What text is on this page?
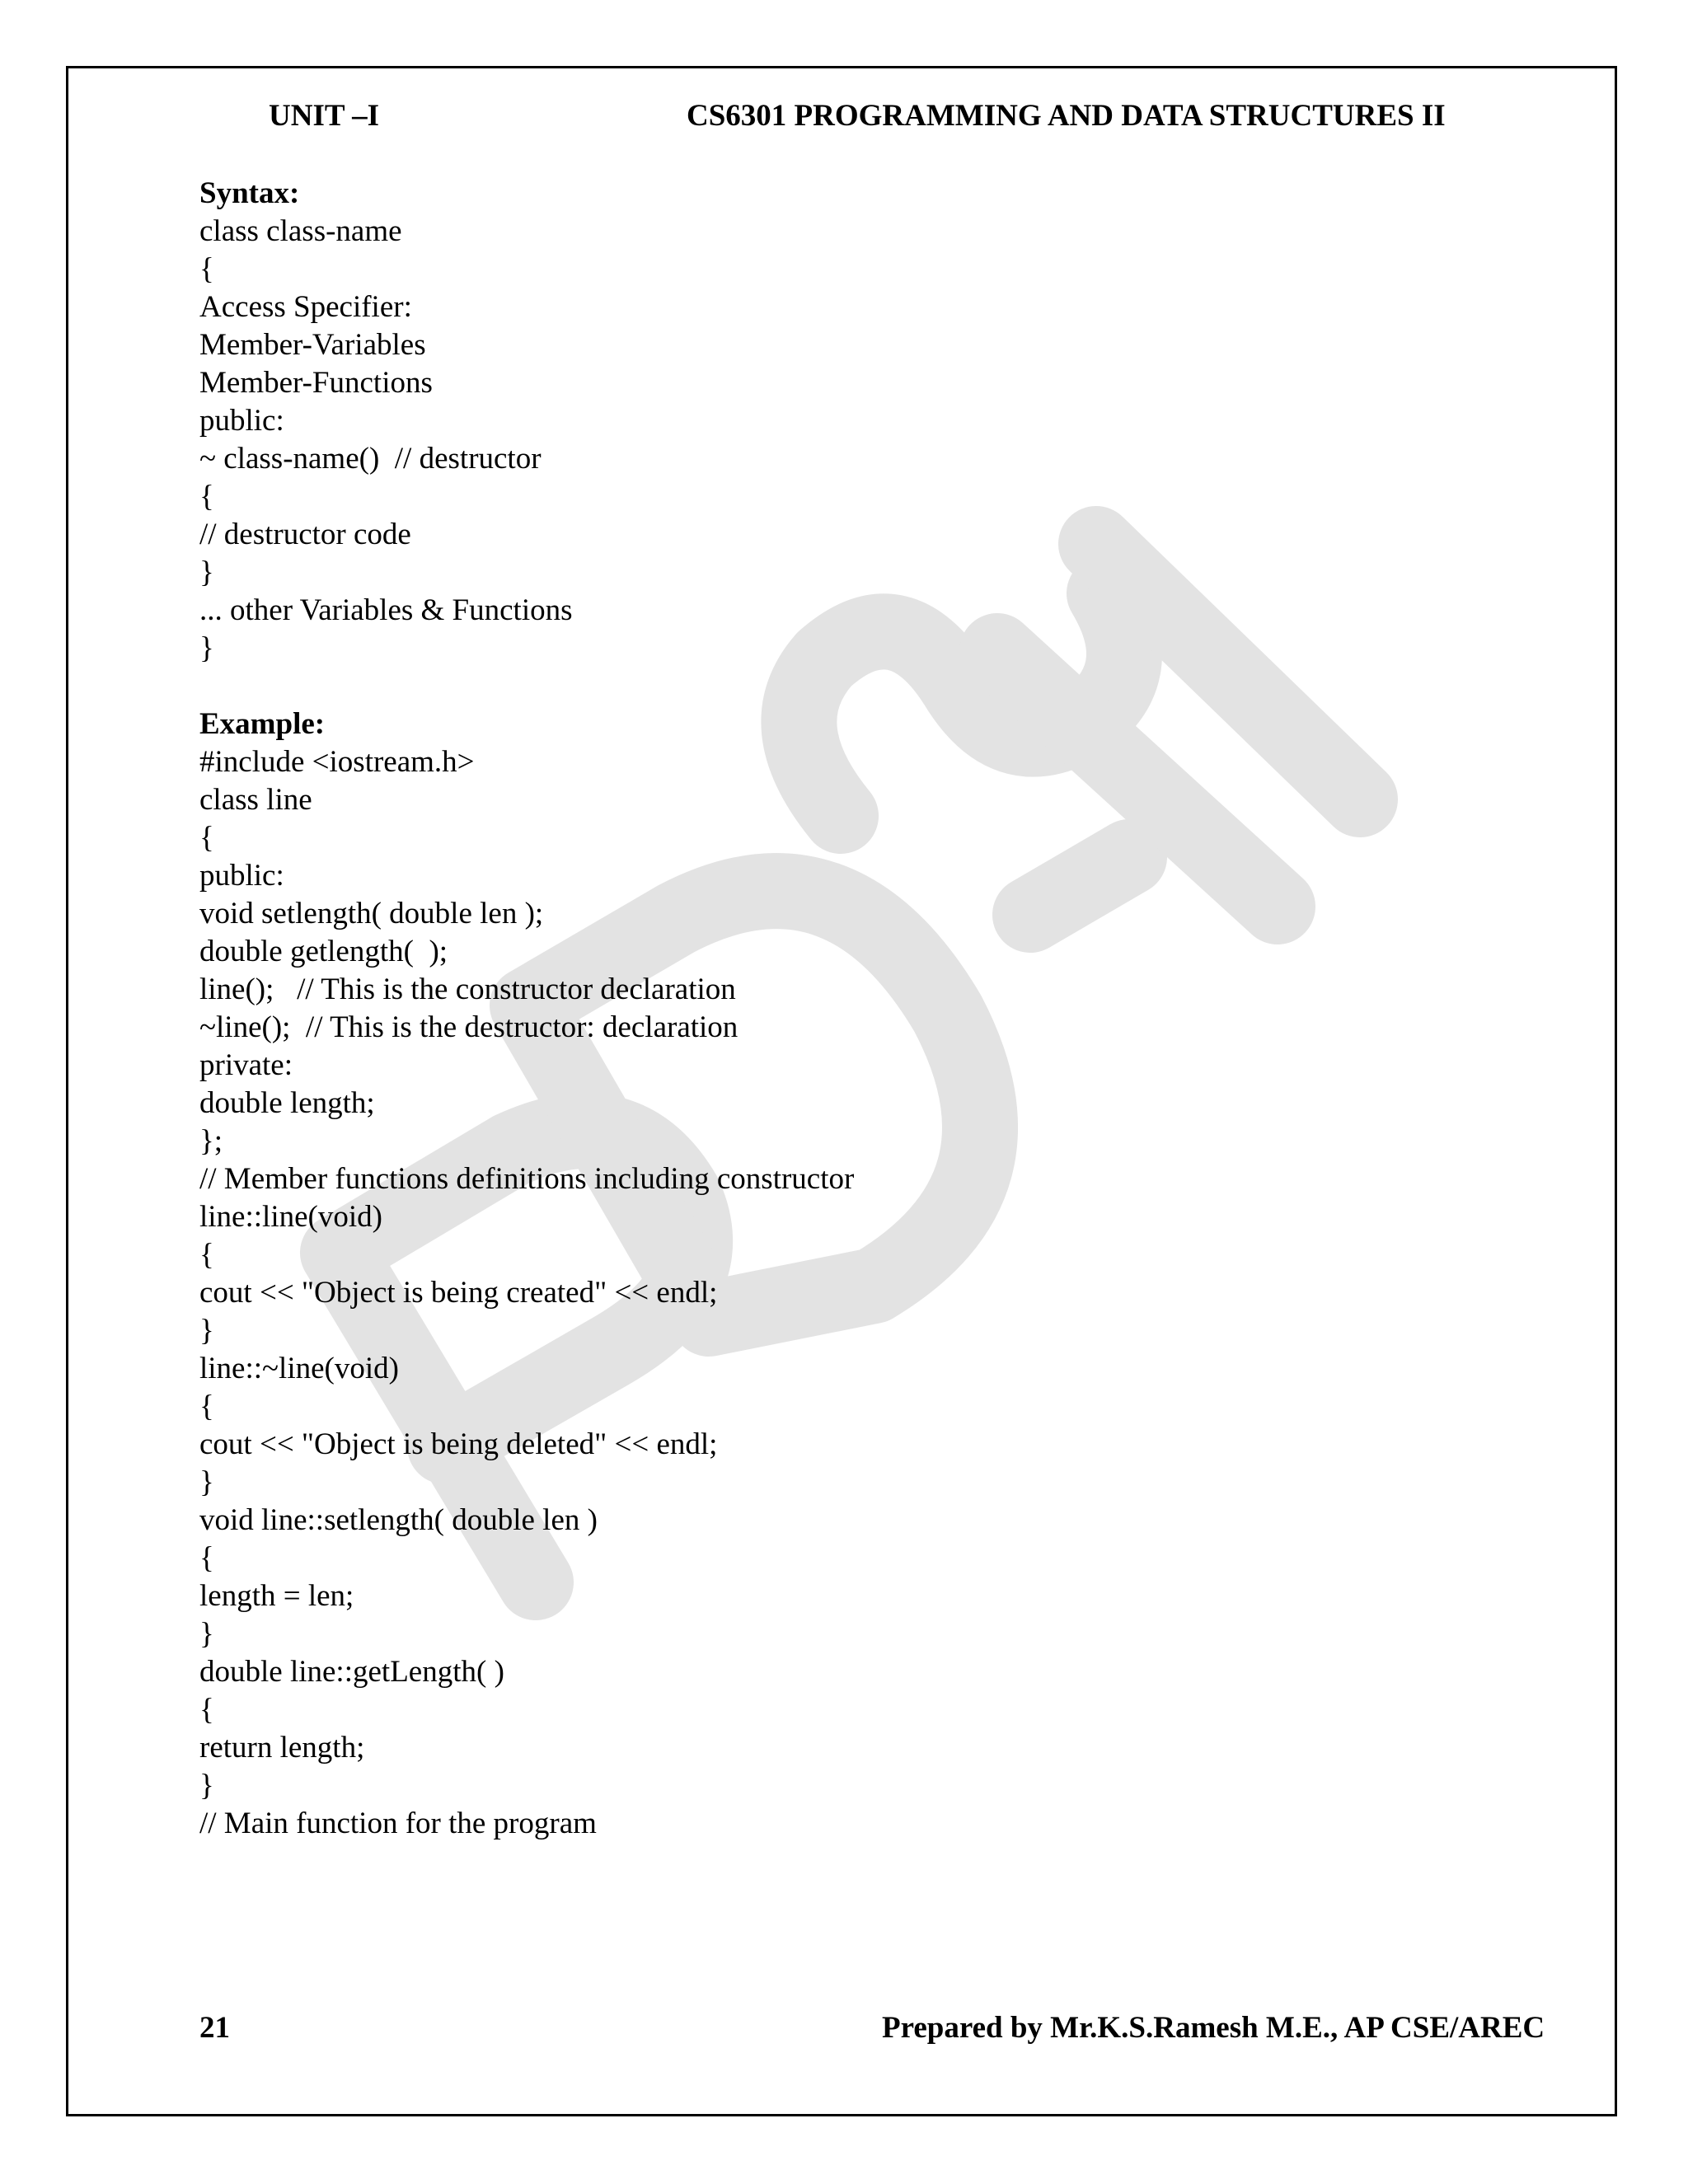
UNIT –I	CS6301 PROGRAMMING AND DATA STRUCTURES II
Syntax:
class class-name
{
Access Specifier:
Member-Variables
Member-Functions
public:
~ class-name()  // destructor
{
// destructor code
}
... other Variables & Functions
}
Example:
#include <iostream.h>
class line
{
public:
void setlength( double len );
double getlength(  );
line();   // This is the constructor declaration
~line();  // This is the destructor: declaration
private:
double length;
};
// Member functions definitions including constructor
line::line(void)
{
cout << "Object is being created" << endl;
}
line::~line(void)
{
cout << "Object is being deleted" << endl;
}
void line::setlength( double len )
{
length = len;
}
double line::getLength( )
{
return length;
}
// Main function for the program
21	Prepared by Mr.K.S.Ramesh M.E., AP CSE/AREC
